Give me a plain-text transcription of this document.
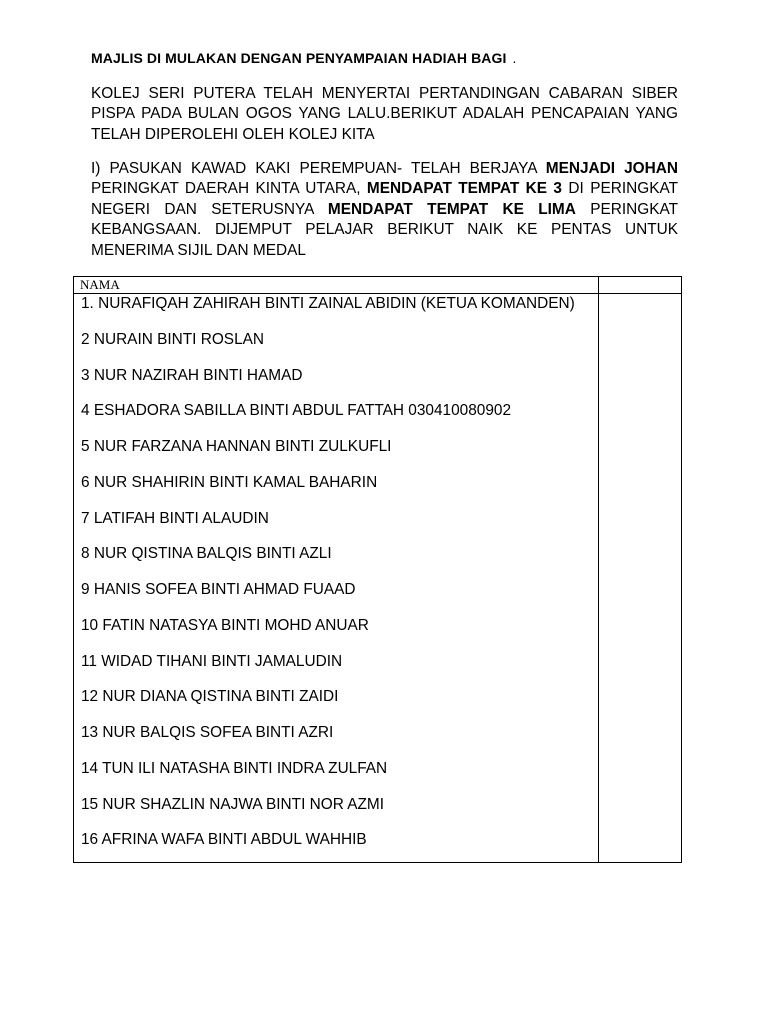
MAJLIS DI MULAKAN DENGAN PENYAMPAIAN HADIAH BAGI .
KOLEJ SERI PUTERA TELAH MENYERTAI PERTANDINGAN CABARAN SIBER PISPA PADA BULAN OGOS YANG LALU.BERIKUT ADALAH PENCAPAIAN YANG TELAH DIPEROLEHI OLEH KOLEJ KITA
I) PASUKAN KAWAD KAKI PEREMPUAN- TELAH BERJAYA MENJADI JOHAN PERINGKAT DAERAH KINTA UTARA, MENDAPAT TEMPAT KE 3 DI PERINGKAT NEGERI DAN SETERUSNYA MENDAPAT TEMPAT KE LIMA PERINGKAT KEBANGSAAN. DIJEMPUT PELAJAR BERIKUT NAIK KE PENTAS UNTUK MENERIMA SIJIL DAN MEDAL
NAMA
1. NURAFIQAH ZAHIRAH BINTI ZAINAL ABIDIN (KETUA KOMANDEN)
2 NURAIN BINTI ROSLAN
3 NUR NAZIRAH BINTI HAMAD
4 ESHADORA SABILLA BINTI ABDUL FATTAH 030410080902
5 NUR FARZANA HANNAN BINTI ZULKUFLI
6 NUR SHAHIRIN BINTI KAMAL BAHARIN
7 LATIFAH BINTI ALAUDIN
8 NUR QISTINA BALQIS BINTI AZLI
9 HANIS SOFEA BINTI AHMAD FUAAD
10 FATIN NATASYA BINTI MOHD ANUAR
11 WIDAD TIHANI BINTI JAMALUDIN
12 NUR DIANA QISTINA BINTI ZAIDI
13 NUR BALQIS SOFEA BINTI AZRI
14 TUN ILI NATASHA BINTI INDRA ZULFAN
15 NUR SHAZLIN NAJWA BINTI NOR AZMI
16 AFRINA WAFA BINTI ABDUL WAHHIB
